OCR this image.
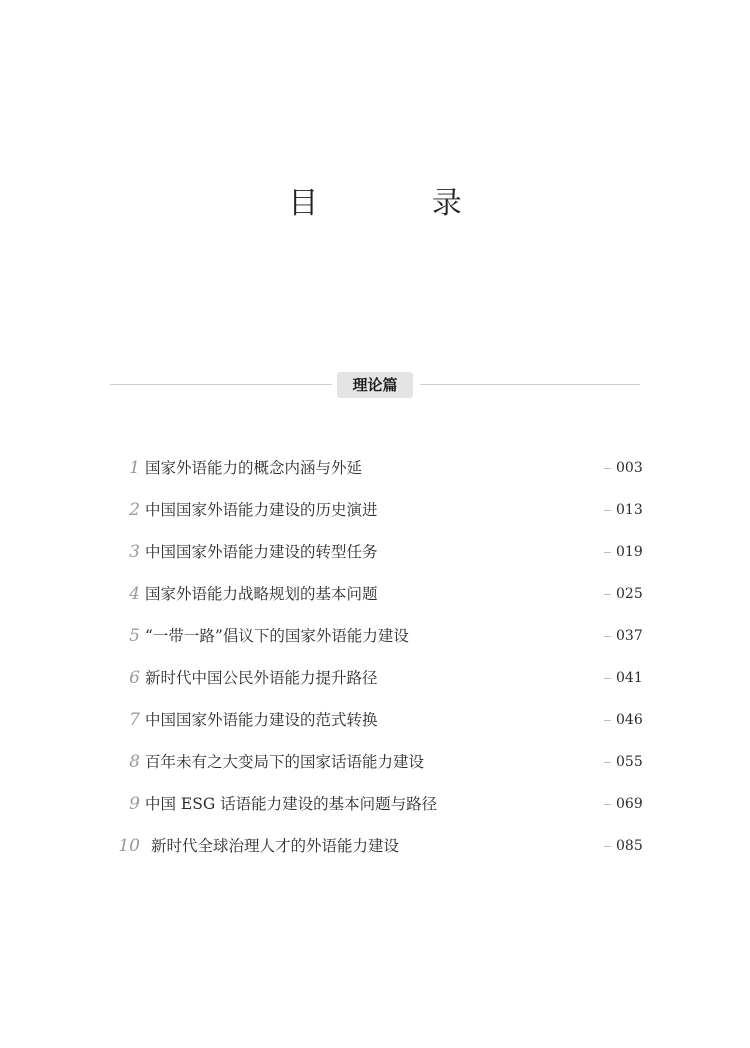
目 录
理论篇
1 国家外语能力的概念内涵与外延	003
2 中国国家外语能力建设的历史演进	013
3 中国国家外语能力建设的转型任务	019
4 国家外语能力战略规划的基本问题	025
5 “一带一路”倡议下的国家外语能力建设	037
6 新时代中国公民外语能力提升路径	041
7 中国国家外语能力建设的范式转换	046
8 百年未有之大变局下的国家话语能力建设	055
9 中国 ESG 话语能力建设的基本问题与路径	069
10 新时代全球治理人才的外语能力建设	085
